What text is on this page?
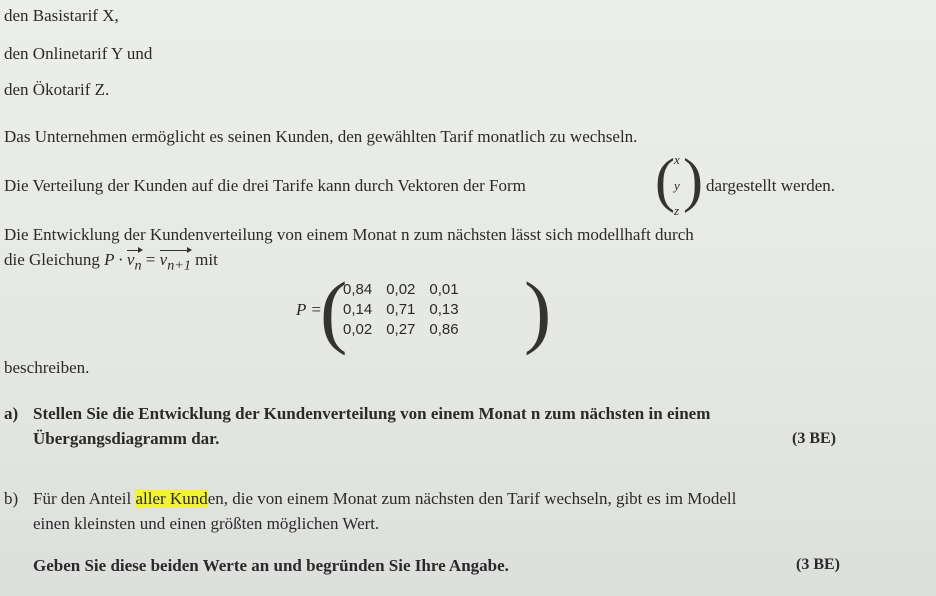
den Basistarif X,
den Onlinetarif Y und
den Ökotarif Z.
Das Unternehmen ermöglicht es seinen Kunden, den gewählten Tarif monatlich zu wechseln.
Die Verteilung der Kunden auf die drei Tarife kann durch Vektoren der Form ( x
y
z ) dargestellt werden.
Die Entwicklung der Kundenverteilung von einem Monat n zum nächsten lässt sich modellhaft durch
die Gleichung $P \cdot v_n = v_{n+1}$ mit
P =
(
0,84	0,02	0,01
0,14	0,71	0,13
0,02	0,27	0,86 )
beschreiben.
a) Stellen Sie die Entwicklung der Kundenverteilung von einem Monat n zum nächsten in einem
Übergangsdiagramm dar.	(3 BE)
b) Für den Anteil aller Kunden, die von einem Monat zum nächsten den Tarif wechseln, gibt es im Modell
einen kleinsten und einen größten möglichen Wert.
Geben Sie diese beiden Werte an und begründen Sie Ihre Angabe.	(3 BE)
